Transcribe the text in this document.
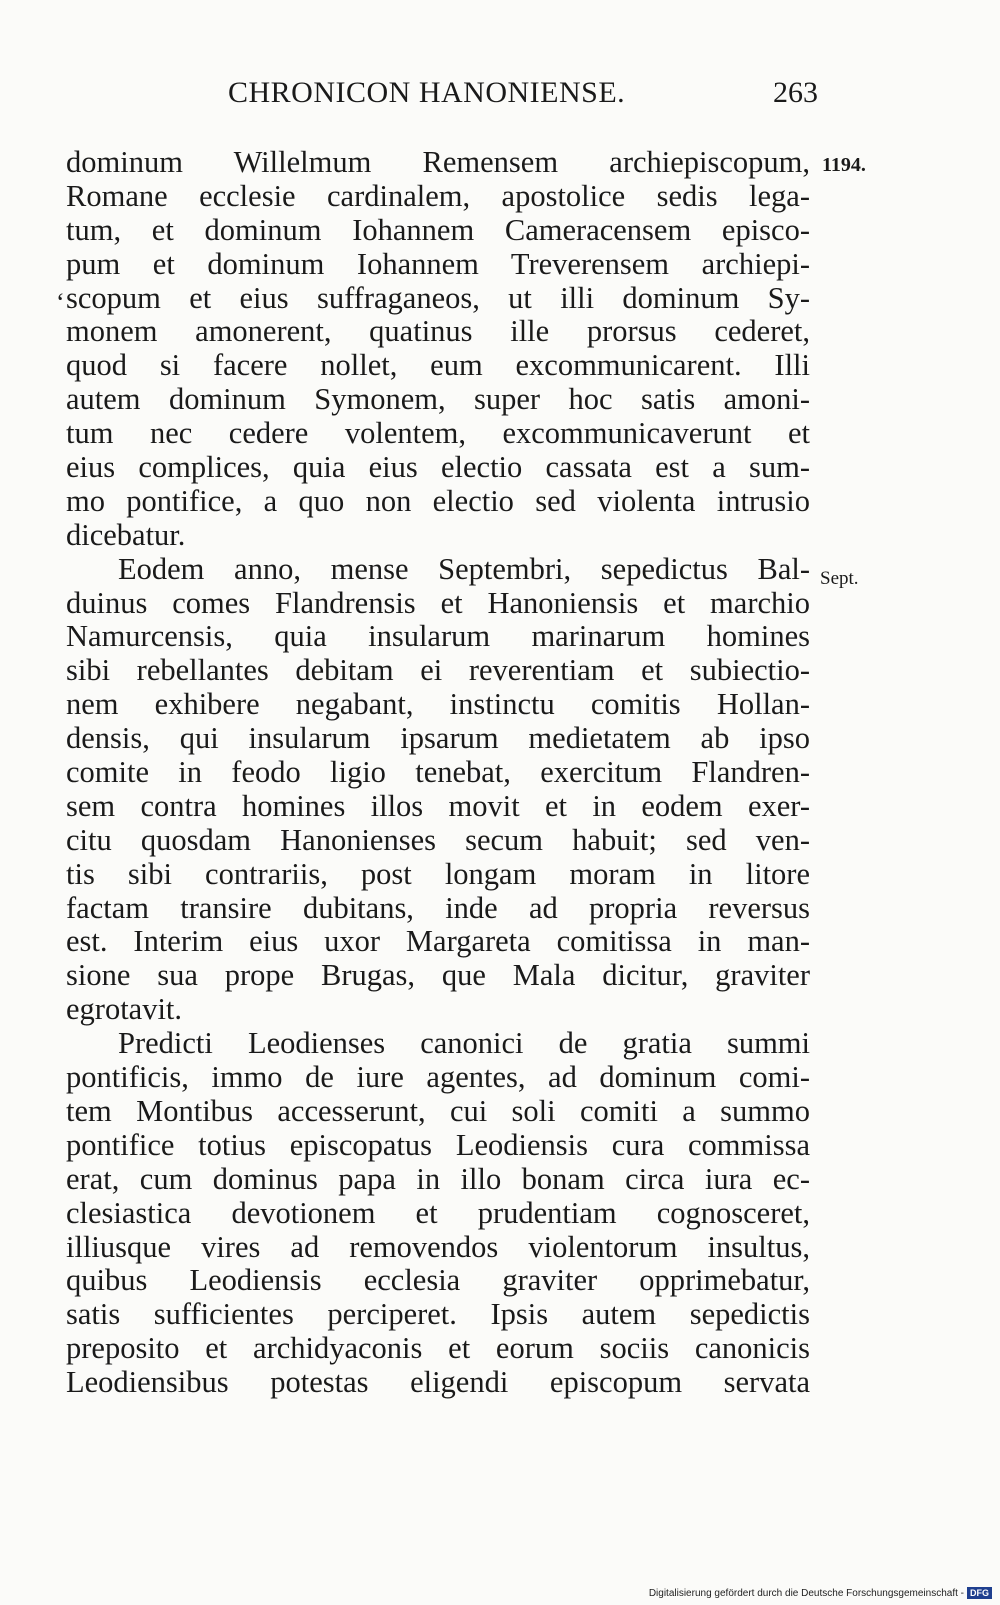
CHRONICON HANONIENSE.	263
‘
dominum Willelmum Remensem archiepiscopum,
Romane ecclesie cardinalem, apostolice sedis lega-
tum, et dominum Iohannem Cameracensem episco-
pum et dominum Iohannem Treverensem archiepi-
scopum et eius suffraganeos, ut illi dominum Sy-
monem amonerent, quatinus ille prorsus cederet,
quod si facere nollet, eum excommunicarent. Illi
autem dominum Symonem, super hoc satis amoni-
tum nec cedere volentem, excommunicaverunt et
eius complices, quia eius electio cassata est a sum-
mo pontifice, a quo non electio sed violenta intrusio
dicebatur.
Eodem anno, mense Septembri, sepedictus Bal-
duinus comes Flandrensis et Hanoniensis et marchio
Namurcensis, quia insularum marinarum homines
sibi rebellantes debitam ei reverentiam et subiectio-
nem exhibere negabant, instinctu comitis Hollan-
densis, qui insularum ipsarum medietatem ab ipso
comite in feodo ligio tenebat, exercitum Flandren-
sem contra homines illos movit et in eodem exer-
citu quosdam Hanonienses secum habuit; sed ven-
tis sibi contrariis, post longam moram in litore
factam transire dubitans, inde ad propria reversus
est. Interim eius uxor Margareta comitissa in man-
sione sua prope Brugas, que Mala dicitur, graviter
egrotavit.
Predicti Leodienses canonici de gratia summi
pontificis, immo de iure agentes, ad dominum comi-
tem Montibus accesserunt, cui soli comiti a summo
pontifice totius episcopatus Leodiensis cura commissa
erat, cum dominus papa in illo bonam circa iura ec-
clesiastica devotionem et prudentiam cognosceret,
illiusque vires ad removendos violentorum insultus,
quibus Leodiensis ecclesia graviter opprimebatur,
satis sufficientes perciperet. Ipsis autem sepedictis
preposito et archidyaconis et eorum sociis canonicis
Leodiensibus potestas eligendi episcopum servata
1194.
Sept.
Digitalisierung gefördert durch die Deutsche Forschungsgemeinschaft - DFG
